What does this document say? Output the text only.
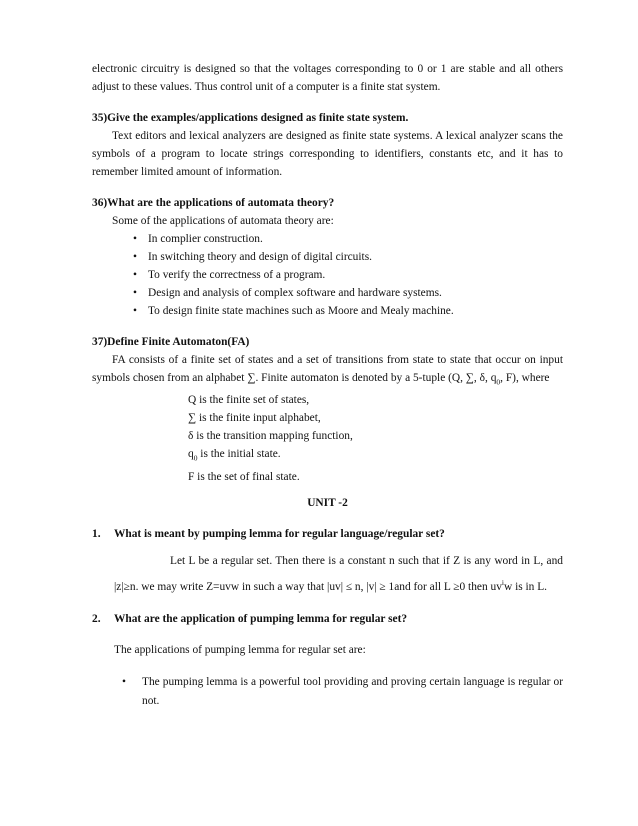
electronic circuitry is designed so that the voltages corresponding to 0 or 1 are stable and all others adjust to these values. Thus control unit of a computer is a finite stat system.

35)Give the examples/applications designed as finite state system.

Text editors and lexical analyzers are designed as finite state systems. A lexical analyzer scans the symbols of a program to locate strings corresponding to identifiers, constants etc, and it has to remember limited amount of information.

36)What are the applications of automata theory?

Some of the applications of automata theory are:

• In complier construction.
• In switching theory and design of digital circuits.
• To verify the correctness of a program.
• Design and analysis of complex software and hardware systems.
• To design finite state machines such as Moore and Mealy machine.

37)Define Finite Automaton(FA)

FA consists of a finite set of states and a set of transitions from state to state that occur on input symbols chosen from an alphabet ∑. Finite automaton is denoted by a 5-tuple (Q, ∑, δ, $q_0$, F), where

Q is the finite set of states,
∑ is the finite input alphabet,
δ is the transition mapping function,
$q_0$ is the initial state.
F is the set of final state.

UNIT -2

1.	What is meant by pumping lemma for regular language/regular set?

Let L be a regular set. Then there is a constant n such that if Z is any word in L, and |z|≥n. we may write Z=uvw in such a way that |uv| ≤ n, |v| ≥ 1and for all L ≥0 then $uv^iw$ is in L.

2.	What are the application of pumping lemma for regular set?

The applications of pumping lemma for regular set are:

• The pumping lemma is a powerful tool providing and proving certain language is regular or not.
